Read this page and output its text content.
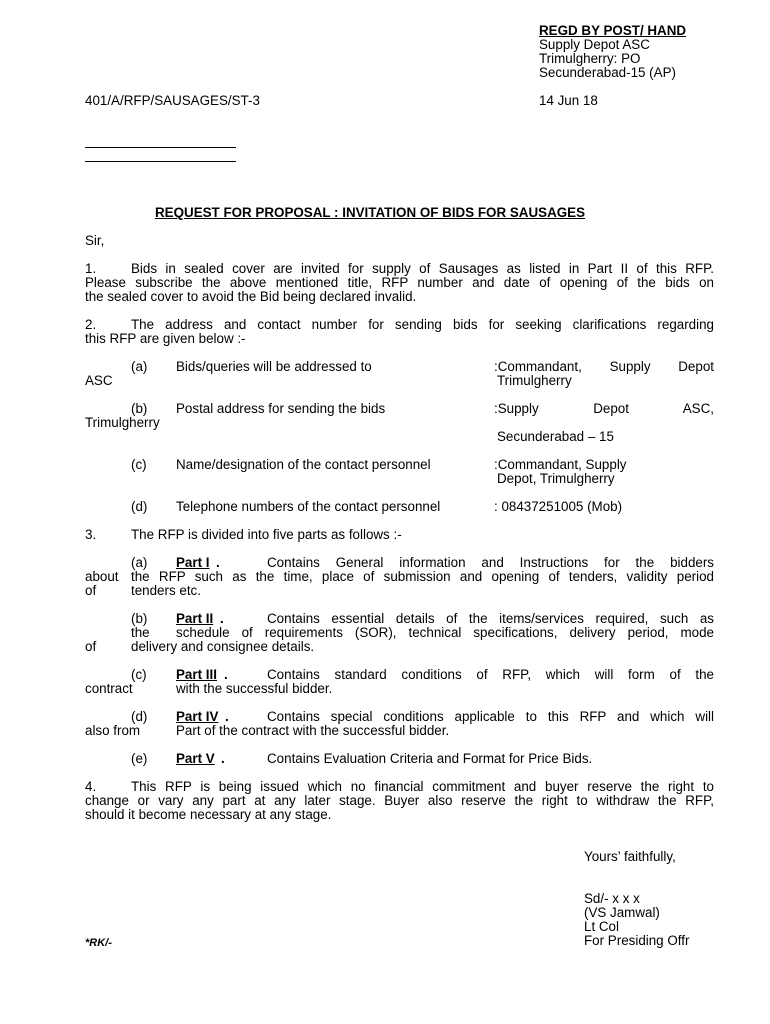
REGD BY POST/ HAND
Supply Depot ASC
Trimulgherry: PO
Secunderabad-15 (AP)
401/A/RFP/SAUSAGES/ST-3	14 Jun 18
REQUEST FOR PROPOSAL : INVITATION OF BIDS FOR SAUSAGES
Sir,
1.	Bids in sealed cover are invited for supply of Sausages as listed in Part II of this RFP.
Please subscribe the above mentioned title, RFP number and date of opening of the bids on
the sealed cover to avoid the Bid being declared invalid.
2.	The address and contact number for sending bids for seeking clarifications regarding
this RFP are given below :-
(a) Bids/queries will be addressed to	:Commandant, Supply Depot
ASC	Trimulgherry
(b) Postal address for sending the bids	:Supply Depot ASC,
Trimulgherry
Secunderabad – 15
(c) Name/designation of the contact personnel	:Commandant, Supply
Depot, Trimulgherry
(d) Telephone numbers of the contact personnel	: 08437251005 (Mob)
3.	The RFP is divided into five parts as follows :-
(a) Part I .	Contains General information and Instructions for the bidders
about the RFP such as the time, place of submission and opening of tenders, validity period
of	tenders etc.
(b) Part II .	Contains essential details of the items/services required, such as
the schedule of requirements (SOR), technical specifications, delivery period, mode
of	delivery and consignee details.
(c) Part III .	Contains standard conditions of RFP, which will form of the
contract	with the successful bidder.
(d) Part IV .	Contains special conditions applicable to this RFP and which will
also from	Part of the contract with the successful bidder.
(e) Part V .	Contains Evaluation Criteria and Format for Price Bids.
4.	This RFP is being issued which no financial commitment and buyer reserve the right to
change or vary any part at any later stage. Buyer also reserve the right to withdraw the RFP,
should it become necessary at any stage.
Yours’ faithfully,
Sd/- x x x
(VS Jamwal)
Lt Col
For Presiding Offr
*RK/-
